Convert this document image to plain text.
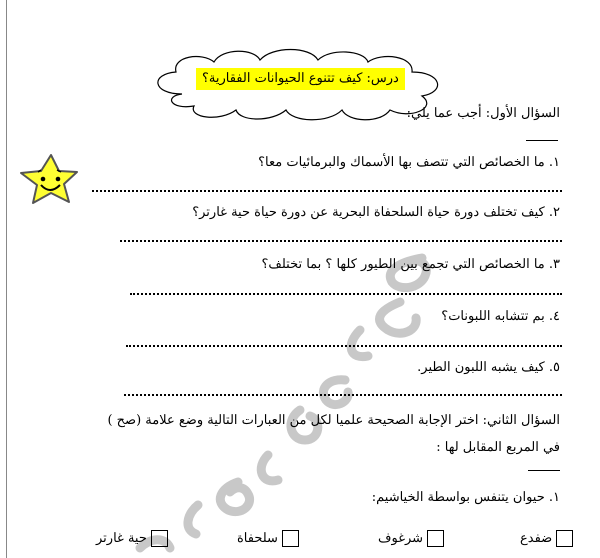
درس: كيف تتنوع الحيوانات الفقارية؟
السؤال الأول: أجب عما يلي:
١. ما الخصائص التي تتصف بها الأسماك والبرمائيات معا؟
٢. كيف تختلف دورة حياة السلحفاة البحرية عن دورة حياة حية غارتر؟
٣. ما الخصائص التي تجمع بين الطيور كلها ؟ بما تختلف؟
٤. بم تتشابه اللبونات؟
٥. كيف يشبه اللبون الطير.
السؤال الثاني: اختر الإجابة الصحيحة علميا لكل من العبارات التالية وضع علامة (صح )
في المربع المقابل لها :
١. حيوان يتنفس بواسطة الخياشيم:
ضفدع
شرغوف
سلحفاة
حية غارتر
